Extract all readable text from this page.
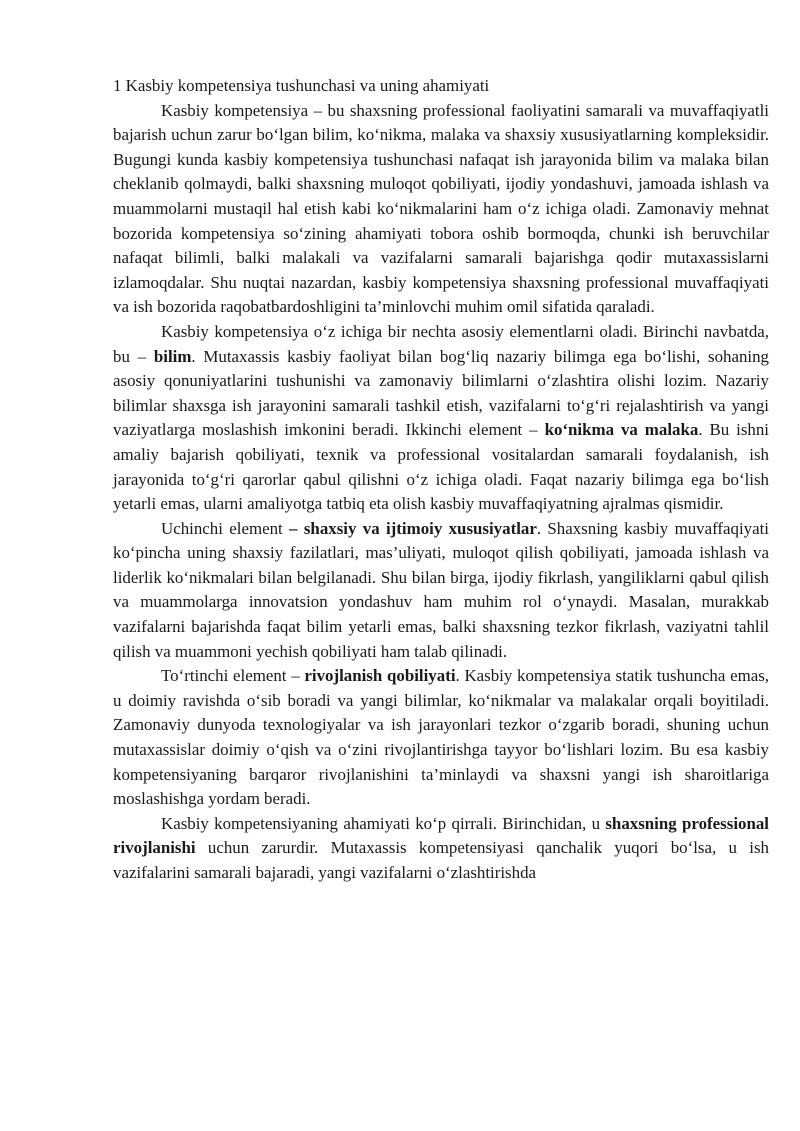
1 Kasbiy kompetensiya tushunchasi va uning ahamiyati

Kasbiy kompetensiya – bu shaxsning professional faoliyatini samarali va muvaffaqiyatli bajarish uchun zarur boʻlgan bilim, koʻnikma, malaka va shaxsiy xususiyatlarning kompleksidir. Bugungi kunda kasbiy kompetensiya tushunchasi nafaqat ish jarayonida bilim va malaka bilan cheklanib qolmaydi, balki shaxsning muloqot qobiliyati, ijodiy yondashuvi, jamoada ishlash va muammolarni mustaqil hal etish kabi koʻnikmalarini ham oʻz ichiga oladi. Zamonaviy mehnat bozorida kompetensiya soʻzining ahamiyati tobora oshib bormoqda, chunki ish beruvchilar nafaqat bilimli, balki malakali va vazifalarni samarali bajarishga qodir mutaxassislarni izlamoqdalar. Shu nuqtai nazardan, kasbiy kompetensiya shaxsning professional muvaffaqiyati va ish bozorida raqobatbardoshligini ta’minlovchi muhim omil sifatida qaraladi.

Kasbiy kompetensiya oʻz ichiga bir nechta asosiy elementlarni oladi. Birinchi navbatda, bu – bilim. Mutaxassis kasbiy faoliyat bilan bogʻliq nazariy bilimga ega boʻlishi, sohaning asosiy qonuniyatlarini tushunishi va zamonaviy bilimlarni oʻzlashtira olishi lozim. Nazariy bilimlar shaxsga ish jarayonini samarali tashkil etish, vazifalarni toʻgʻri rejalashtirish va yangi vaziyatlarga moslashish imkonini beradi. Ikkinchi element – koʻnikma va malaka. Bu ishni amaliy bajarish qobiliyati, texnik va professional vositalardan samarali foydalanish, ish jarayonida toʻgʻri qarorlar qabul qilishni oʻz ichiga oladi. Faqat nazariy bilimga ega boʻlish yetarli emas, ularni amaliyotga tatbiq eta olish kasbiy muvaffaqiyatning ajralmas qismidir.

Uchinchi element – shaxsiy va ijtimoiy xususiyatlar. Shaxsning kasbiy muvaffaqiyati koʻpincha uning shaxsiy fazilatlari, mas’uliyati, muloqot qilish qobiliyati, jamoada ishlash va liderlik koʻnikmalari bilan belgilanadi. Shu bilan birga, ijodiy fikrlash, yangiliklarni qabul qilish va muammolarga innovatsion yondashuv ham muhim rol oʻynaydi. Masalan, murakkab vazifalarni bajarishda faqat bilim yetarli emas, balki shaxsning tezkor fikrlash, vaziyatni tahlil qilish va muammoni yechish qobiliyati ham talab qilinadi.

Toʻrtinchi element – rivojlanish qobiliyati. Kasbiy kompetensiya statik tushuncha emas, u doimiy ravishda oʻsib boradi va yangi bilimlar, koʻnikmalar va malakalar orqali boyitiladi. Zamonaviy dunyoda texnologiyalar va ish jarayonlari tezkor oʻzgarib boradi, shuning uchun mutaxassislar doimiy oʻqish va oʻzini rivojlantirishga tayyor boʻlishlari lozim. Bu esa kasbiy kompetensiyaning barqaror rivojlanishini ta’minlaydi va shaxsni yangi ish sharoitlariga moslashishga yordam beradi.

Kasbiy kompetensiyaning ahamiyati koʻp qirrali. Birinchidan, u shaxsning professional rivojlanishi uchun zarurdir. Mutaxassis kompetensiyasi qanchalik yuqori boʻlsa, u ish vazifalarini samarali bajaradi, yangi vazifalarni oʻzlashtirishda
